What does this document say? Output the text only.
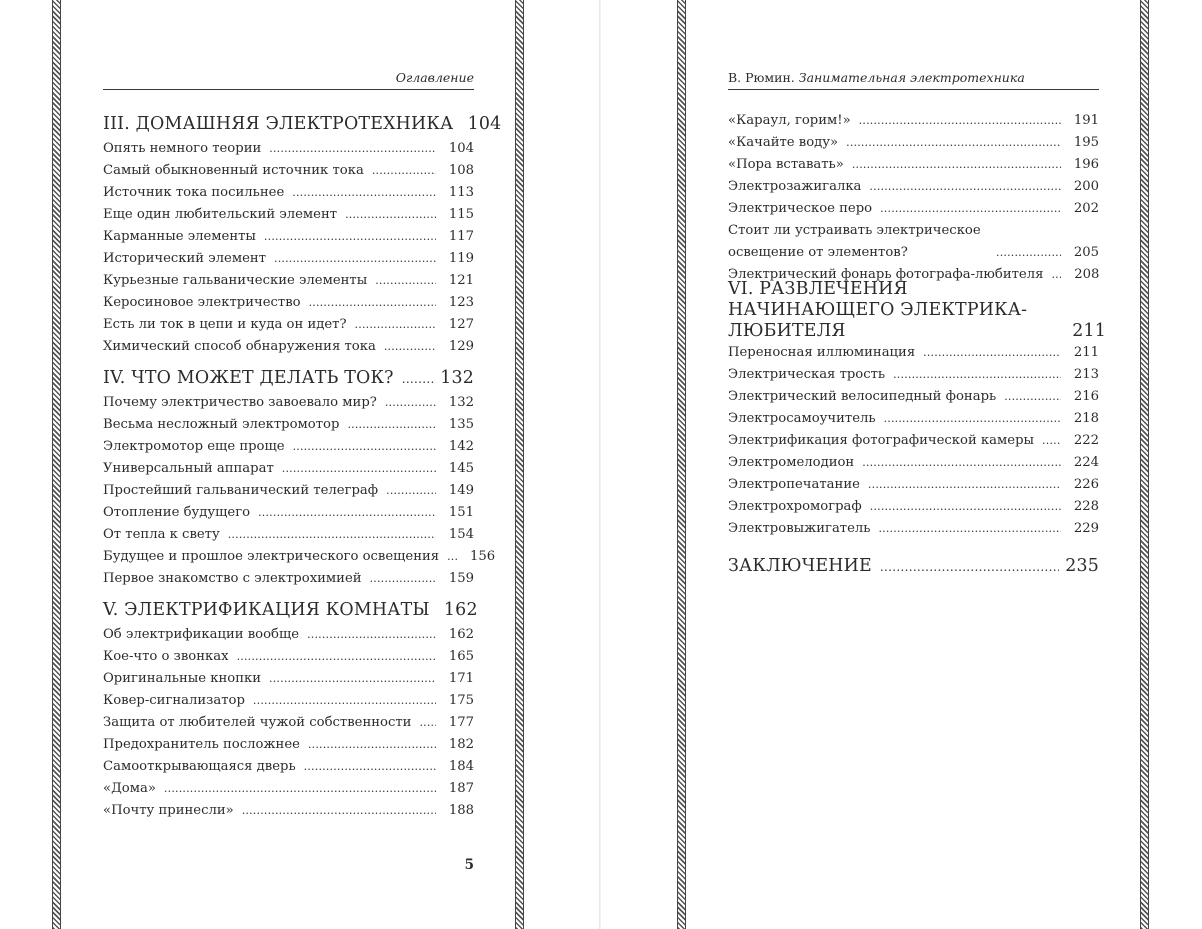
Оглавление
III. ДОМАШНЯЯ ЭЛЕКТРОТЕХНИКА 104
Опять немного теории .....	104
Самый обыкновенный источник тока .....	108
Источник тока посильнее .....	113
Еще один любительский элемент .....	115
Карманные элементы .....	117
Исторический элемент .....	119
Курьезные гальванические элементы .....	121
Керосиновое электричество .....	123
Есть ли ток в цепи и куда он идет? .....	127
Химический способ обнаружения тока .....	129
IV. ЧТО МОЖЕТ ДЕЛАТЬ ТОК? .....	132
Почему электричество завоевало мир? .....	132
Весьма несложный электромотор .....	135
Электромотор еще проще .....	142
Универсальный аппарат .....	145
Простейший гальванический телеграф .....	149
Отопление будущего .....	151
От тепла к свету .....	154
Будущее и прошлое электрического освещения .....	156
Первое знакомство с электрохимией .....	159
V. ЭЛЕКТРИФИКАЦИЯ КОМНАТЫ 162
Об электрификации вообще .....	162
Кое-что о звонках .....	165
Оригинальные кнопки .....	171
Ковер-сигнализатор .....	175
Защита от любителей чужой собственности .....	177
Предохранитель посложнее .....	182
Самооткрывающаяся дверь .....	184
«Дома» .....	187
«Почту принесли» .....	188
5
В. Рюмин. Занимательная электротехника
«Караул, горим!» .....	191
«Качайте воду» .....	195
«Пора вставать» .....	196
Электрозажигалка .....	200
Электрическое перо .....	202
Стоит ли устраивать электрическое освещение от элементов? .....	205
Электрический фонарь фотографа-любителя .....	208
VI. РАЗВЛЕЧЕНИЯ НАЧИНАЮЩЕГО ЭЛЕКТРИКА-ЛЮБИТЕЛЯ	211
Переносная иллюминация .....	211
Электрическая трость .....	213
Электрический велосипедный фонарь .....	216
Электросамоучитель .....	218
Электрификация фотографической камеры .....	222
Электромелодион .....	224
Электропечатание .....	226
Электрохромограф .....	228
Электровыжигатель .....	229
ЗАКЛЮЧЕНИЕ .....	235
